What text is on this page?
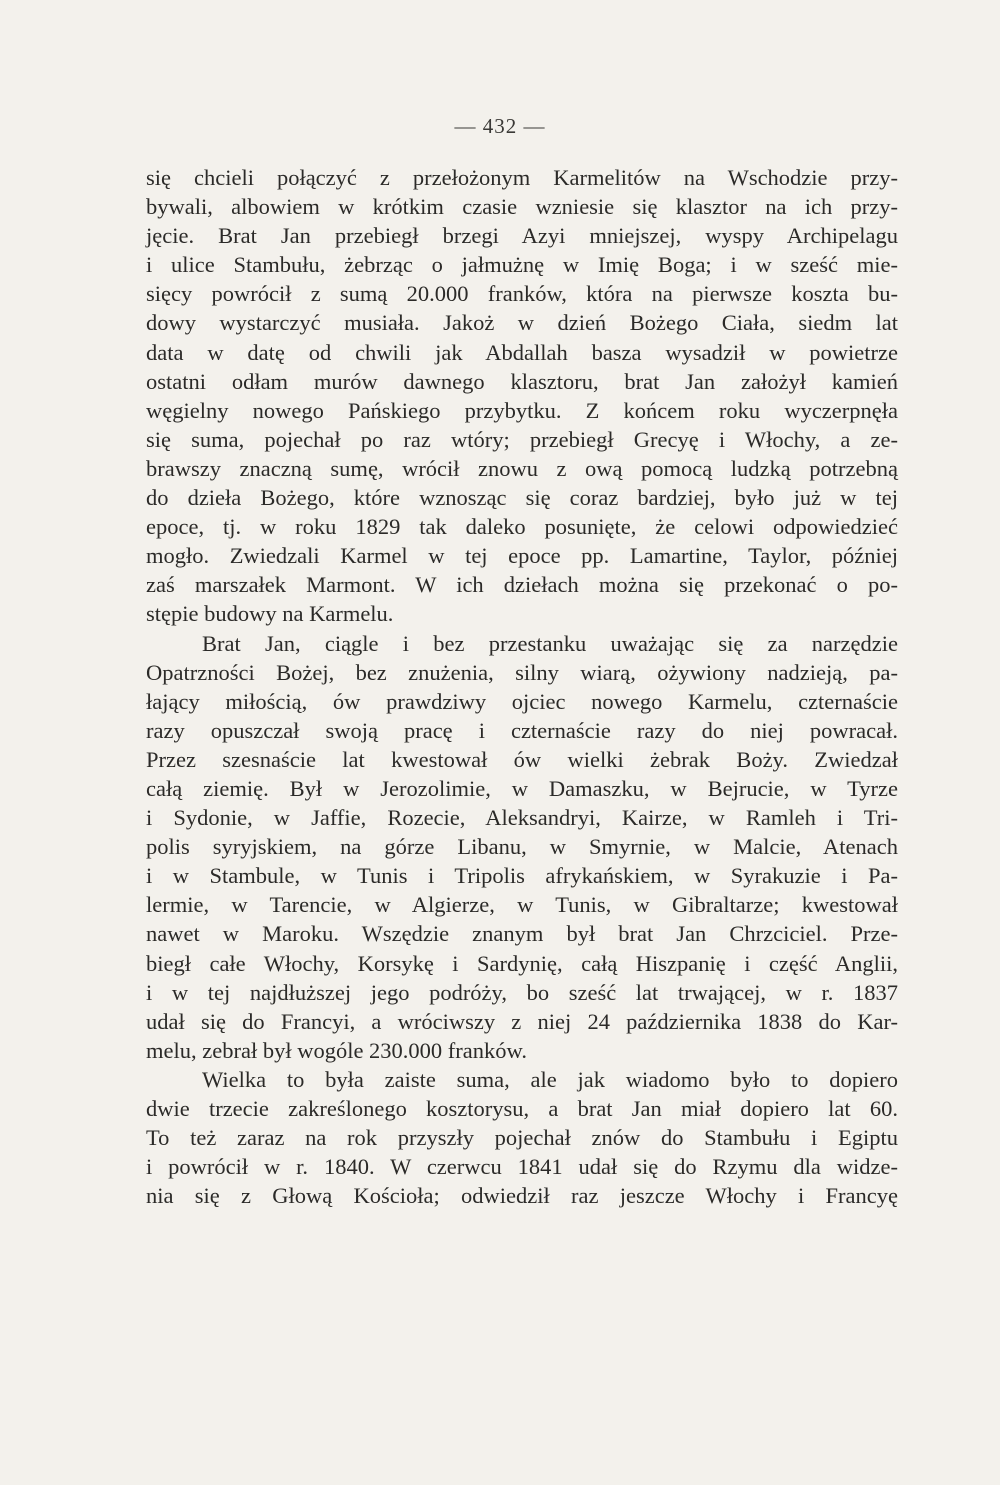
— 432 —
się chcieli połączyć z przełożonym Karmelitów na Wschodzie przy-
bywali, albowiem w krótkim czasie wzniesie się klasztor na ich przy-
jęcie. Brat Jan przebiegł brzegi Azyi mniejszej, wyspy Archipelagu
i ulice Stambułu, żebrząc o jałmużnę w Imię Boga; i w sześć mie-
sięcy powrócił z sumą 20.000 franków, która na pierwsze koszta bu-
dowy wystarczyć musiała. Jakoż w dzień Bożego Ciała, siedm lat
data w datę od chwili jak Abdallah basza wysadził w powietrze
ostatni odłam murów dawnego klasztoru, brat Jan założył kamień
węgielny nowego Pańskiego przybytku. Z końcem roku wyczerpnęła
się suma, pojechał po raz wtóry; przebiegł Grecyę i Włochy, a ze-
brawszy znaczną sumę, wrócił znowu z ową pomocą ludzką potrzebną
do dzieła Bożego, które wznosząc się coraz bardziej, było już w tej
epoce, tj. w roku 1829 tak daleko posunięte, że celowi odpowiedzieć
mogło. Zwiedzali Karmel w tej epoce pp. Lamartine, Taylor, później
zaś marszałek Marmont. W ich dziełach można się przekonać o po-
stępie budowy na Karmelu.
Brat Jan, ciągle i bez przestanku uważając się za narzędzie
Opatrzności Bożej, bez znużenia, silny wiarą, ożywiony nadzieją, pa-
łający miłością, ów prawdziwy ojciec nowego Karmelu, czternaście
razy opuszczał swoją pracę i czternaście razy do niej powracał.
Przez szesnaście lat kwestował ów wielki żebrak Boży. Zwiedzał
całą ziemię. Był w Jerozolimie, w Damaszku, w Bejrucie, w Tyrze
i Sydonie, w Jaffie, Rozecie, Aleksandryi, Kairze, w Ramleh i Tri-
polis syryjskiem, na górze Libanu, w Smyrnie, w Malcie, Atenach
i w Stambule, w Tunis i Tripolis afrykańskiem, w Syrakuzie i Pa-
lermie, w Tarencie, w Algierze, w Tunis, w Gibraltarze; kwestował
nawet w Maroku. Wszędzie znanym był brat Jan Chrzciciel. Prze-
biegł całe Włochy, Korsykę i Sardynię, całą Hiszpanię i część Anglii,
i w tej najdłuższej jego podróży, bo sześć lat trwającej, w r. 1837
udał się do Francyi, a wróciwszy z niej 24 października 1838 do Kar-
melu, zebrał był wogóle 230.000 franków.
Wielka to była zaiste suma, ale jak wiadomo było to dopiero
dwie trzecie zakreślonego kosztorysu, a brat Jan miał dopiero lat 60.
To też zaraz na rok przyszły pojechał znów do Stambułu i Egiptu
i powrócił w r. 1840. W czerwcu 1841 udał się do Rzymu dla widze-
nia się z Głową Kościoła; odwiedził raz jeszcze Włochy i Francyę
